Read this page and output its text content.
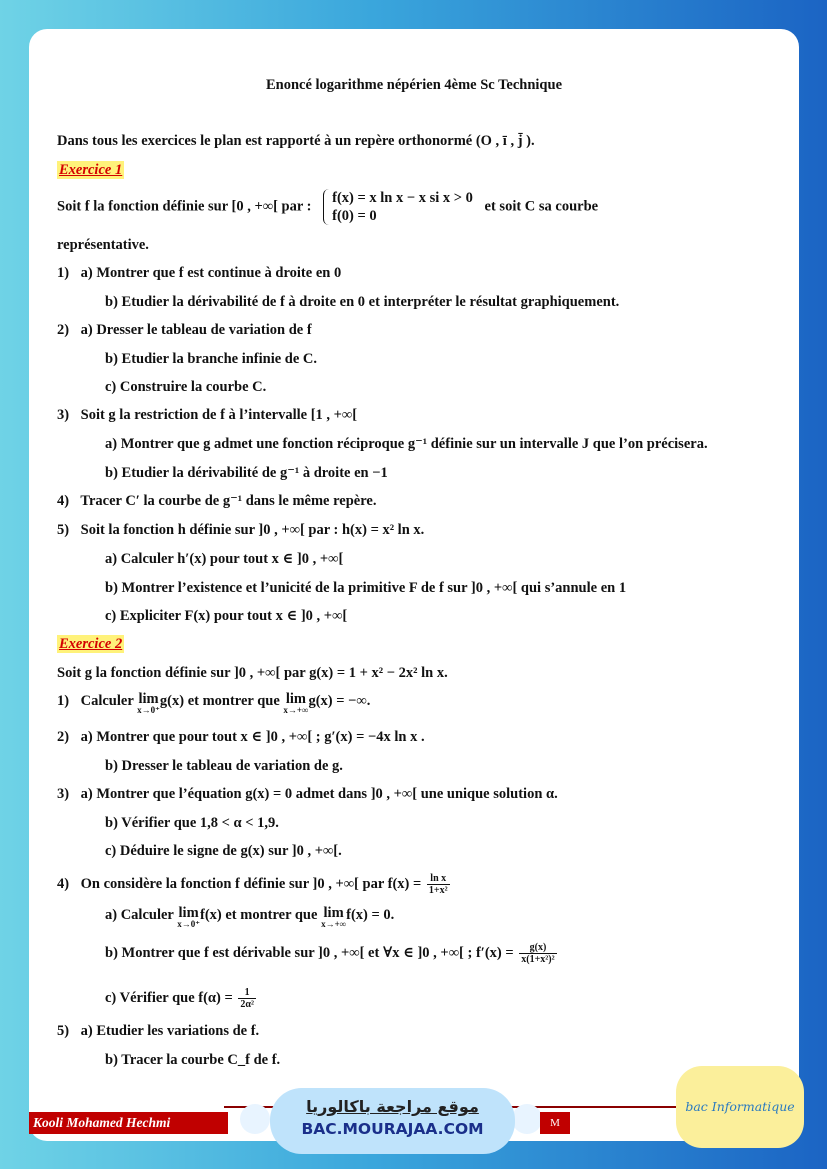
Enoncé logarithme népérien 4ème Sc Technique
Dans tous les exercices le plan est rapporté à un repère orthonormé (O , ī , j̄ ).
Exercice 1
Soit f la fonction définie sur [0 , +∞[ par :
f(x) = x ln x − x si x > 0
f(0) = 0
et soit C sa courbe
représentative.
1) a) Montrer que f est continue à droite en 0
b) Etudier la dérivabilité de f à droite en 0 et interpréter le résultat graphiquement.
2) a) Dresser le tableau de variation de f
b) Etudier la branche infinie de C.
c) Construire la courbe C.
3) Soit g la restriction de f à l’intervalle [1 , +∞[
a) Montrer que g admet une fonction réciproque g⁻¹ définie sur un intervalle J que l’on précisera.
b) Etudier la dérivabilité de g⁻¹ à droite en −1
4) Tracer C′ la courbe de g⁻¹ dans le même repère.
5) Soit la fonction h définie sur ]0 , +∞[ par : h(x) = x² ln x.
a) Calculer h′(x) pour tout x ∈ ]0 , +∞[
b) Montrer l’existence et l’unicité de la primitive F de f sur ]0 , +∞[ qui s’annule en 1
c) Expliciter F(x) pour tout x ∈ ]0 , +∞[
Exercice 2
Soit g la fonction définie sur ]0 , +∞[ par g(x) = 1 + x² − 2x² ln x.
1) Calculer lim
x→0⁺
g(x) et montrer que lim
x→+∞
g(x) = −∞.
2) a) Montrer que pour tout x ∈ ]0 , +∞[ ; g′(x) = −4x ln x .
b) Dresser le tableau de variation de g.
3) a) Montrer que l’équation g(x) = 0 admet dans ]0 , +∞[ une unique solution α.
b) Vérifier que 1,8 < α < 1,9.
c) Déduire le signe de g(x) sur ]0 , +∞[.
4) On considère la fonction f définie sur ]0 , +∞[ par $f(x) = \frac{\text{ln x}}{\text{1+x²}}$
a) Calculer lim
x→0⁺
f(x) et montrer que lim
x→+∞
f(x) = 0.
b) Montrer que f est dérivable sur ]0 , +∞[ et ∀x ∈ ]0 , +∞[ ; $f'(x) = \frac{g(x)}{\text{x(1+x²)²}}$
c) Vérifier que $f(\alpha) = \frac{1}{\text{2α²}}$
5) a) Etudier les variations de f.
b) Tracer la courbe C_f de f.
Kooli Mohamed Hechmi	M
موقع مراجعة باكالوريا
BAC.MOURAJAA.COM
bac Informatique
